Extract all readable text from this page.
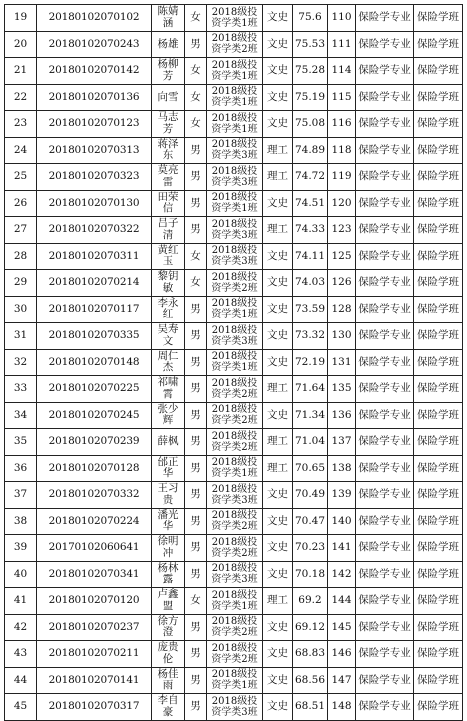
19	20180102070102	陈婧涵	女	2018级投资学类1班	文史	75.6	110	保险学专业	保险学班
20	20180102070243	杨雄	男	2018级投资学类2班	文史	75.53	111	保险学专业	保险学班
21	20180102070142	杨柳芳	女	2018级投资学类1班	文史	75.28	114	保险学专业	保险学班
22	20180102070136	向雪	女	2018级投资学类1班	文史	75.19	115	保险学专业	保险学班
23	20180102070123	马志芳	女	2018级投资学类1班	文史	75.08	116	保险学专业	保险学班
24	20180102070313	蒋泽东	男	2018级投资学类3班	理工	74.89	118	保险学专业	保险学班
25	20180102070323	莫亮雷	男	2018级投资学类3班	理工	74.72	119	保险学专业	保险学班
26	20180102070130	田荣信	男	2018级投资学类1班	文史	74.51	120	保险学专业	保险学班
27	20180102070322	吕子清	男	2018级投资学类3班	理工	74.33	123	保险学专业	保险学班
28	20180102070311	黄红玉	女	2018级投资学类3班	文史	74.11	125	保险学专业	保险学班
29	20180102070214	黎钥敏	女	2018级投资学类2班	文史	74.03	126	保险学专业	保险学班
30	20180102070117	李永红	男	2018级投资学类1班	文史	73.59	128	保险学专业	保险学班
31	20180102070335	吴寿文	男	2018级投资学类3班	文史	73.32	130	保险学专业	保险学班
32	20180102070148	周仁杰	男	2018级投资学类1班	文史	72.19	131	保险学专业	保险学班
33	20180102070225	祁啸霄	男	2018级投资学类2班	理工	71.64	135	保险学专业	保险学班
34	20180102070245	张少辉	男	2018级投资学类2班	文史	71.34	136	保险学专业	保险学班
35	20180102070239	薛枫	男	2018级投资学类2班	理工	71.04	137	保险学专业	保险学班
36	20180102070128	邰正华	男	2018级投资学类1班	理工	70.65	138	保险学专业	保险学班
37	20180102070332	王习贵	男	2018级投资学类3班	文史	70.49	139	保险学专业	保险学班
38	20180102070224	潘光华	男	2018级投资学类2班	文史	70.47	140	保险学专业	保险学班
39	20170102060641	徐明冲	男	2018级投资学类2班	文史	70.23	141	保险学专业	保险学班
40	20180102070341	杨林露	男	2018级投资学类3班	文史	70.18	142	保险学专业	保险学班
41	20180102070120	卢鑫盟	女	2018级投资学类1班	理工	69.2	144	保险学专业	保险学班
42	20180102070237	徐方澄	男	2018级投资学类2班	文史	69.12	145	保险学专业	保险学班
43	20180102070211	庞贵伦	男	2018级投资学类2班	文史	68.83	146	保险学专业	保险学班
44	20180102070141	杨佳雨	男	2018级投资学类1班	文史	68.56	147	保险学专业	保险学班
45	20180102070317	李自豪	男	2018级投资学类3班	文史	68.51	148	保险学专业	保险学班
